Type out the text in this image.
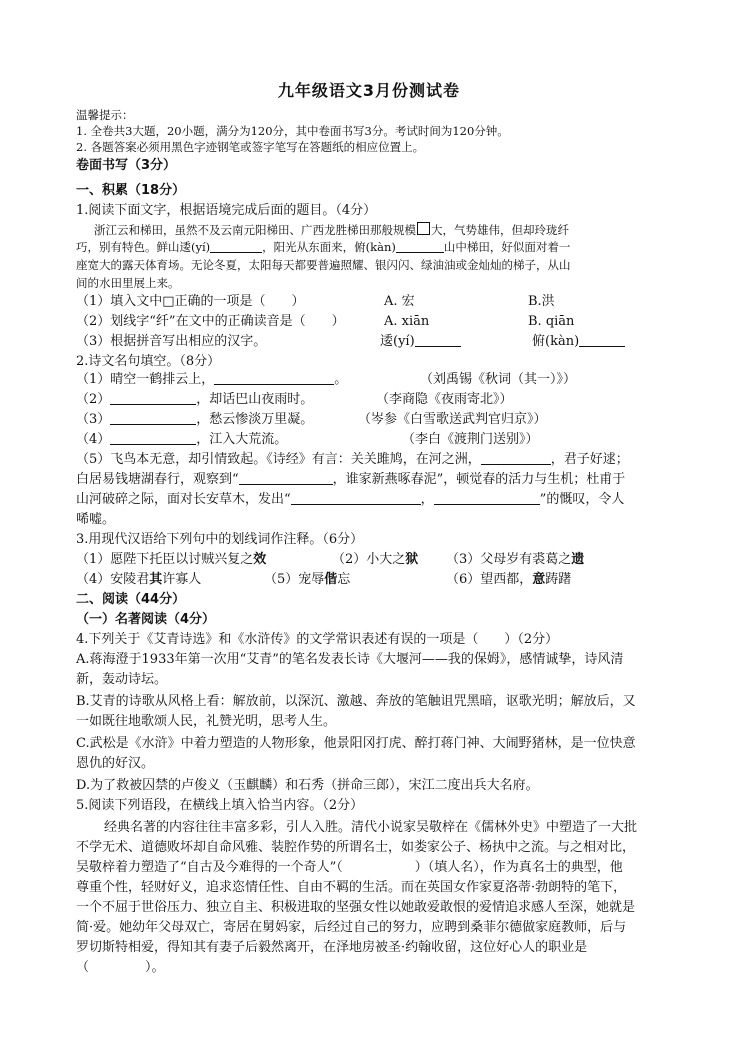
九年级语文3月份测试卷
温馨提示：
1. 全卷共3大题，20小题，满分为120分，其中卷面书写3分。考试时间为120分钟。
2. 各题答案必须用黑色字迹钢笔或签字笔写在答题纸的相应位置上。
卷面书写（3分）
一、积累（18分）
1.阅读下面文字，根据语境完成后面的题目。（4分）
浙江云和梯田，虽然不及云南元阳梯田、广西龙胜梯田那般规模 大，气势雄伟，但却玲珑纤
巧，别有特色。鲜山逶(yí)	，阳光从东面来，俯(kàn)	山中梯田，好似面对着一
座宽大的露天体育场。无论冬夏，太阳每天都要普遍照耀、银闪闪、绿油油或金灿灿的梯子，从山
间的水田里展上来。
（1）填入文中□正确的一项是（　　）	A. 宏	B.洪
（2）划线字“纤”在文中的正确读音是（　　）	A. xiān	B. qiān
（3）根据拼音写出相应的汉字。	逶(yí)	俯(kàn)
2.诗文名句填空。（8分）
（1）晴空一鹤排云上，	。	（刘禹锡《秋词（其一）》）
（2）	，却话巴山夜雨时。	（李商隐《夜雨寄北》）
（3）	，愁云惨淡万里凝。	（岑参《白雪歌送武判官归京》）
（4）	，江入大荒流。	（李白《渡荆门送别》）
（5）飞鸟本无意，却引情致起。《诗经》有言：关关雎鸠，在河之洲，	，君子好逑；
白居易钱塘湖春行，观察到“	，谁家新燕啄春泥”，顿觉春的活力与生机；杜甫于
山河破碎之际，面对长安草木，发出“	，	”的慨叹，令人
唏嘘。
3.用现代汉语给下列句中的划线词作注释。（6分）
（1）愿陛下托臣以讨贼兴复之效	（2）小大之狱 （3）父母岁有裘葛之遗
（4）安陵君其许寡人	（5）宠辱偕忘	（6）望西都，意踌躇
二、阅读（44分）
（一）名著阅读（4分）
4.下列关于《艾青诗选》和《水浒传》的文学常识表述有误的一项是（　　）（2分）
A.蒋海澄于1933年第一次用“艾青”的笔名发表长诗《大堰河——我的保姆》，感情诚挚，诗风清
新，轰动诗坛。
B.艾青的诗歌从风格上看：解放前，以深沉、激越、奔放的笔触诅咒黑暗，讴歌光明；解放后，又
一如既往地歌颂人民，礼赞光明，思考人生。
C.武松是《水浒》中着力塑造的人物形象，他景阳冈打虎、醉打蒋门神、大闹野猪林，是一位快意
恩仇的好汉。
D.为了救被囚禁的卢俊义（玉麒麟）和石秀（拼命三郎），宋江二度出兵大名府。
5.阅读下列语段，在横线上填入恰当内容。（2分）
经典名著的内容往往丰富多彩，引人入胜。清代小说家吴敬梓在《儒林外史》中塑造了一大批
不学无术、道德败坏却自命风雅、装腔作势的所谓名士，如娄家公子、杨执中之流。与之相对比，
吴敬梓着力塑造了“自古及今难得的一个奇人”（	）（填人名），作为真名士的典型，他
尊重个性，轻财好义，追求恣情任性、自由不羁的生活。而在英国女作家夏洛蒂·勃朗特的笔下，
一个不屈于世俗压力、独立自主、积极进取的坚强女性以她敢爱敢恨的爱情追求感人至深，她就是
简·爱。她幼年父母双亡，寄居在舅妈家，后经过自己的努力，应聘到桑菲尔德做家庭教师，后与
罗切斯特相爱，得知其有妻子后毅然离开，在泽地房被圣·约翰收留，这位好心人的职业是
（	）。
